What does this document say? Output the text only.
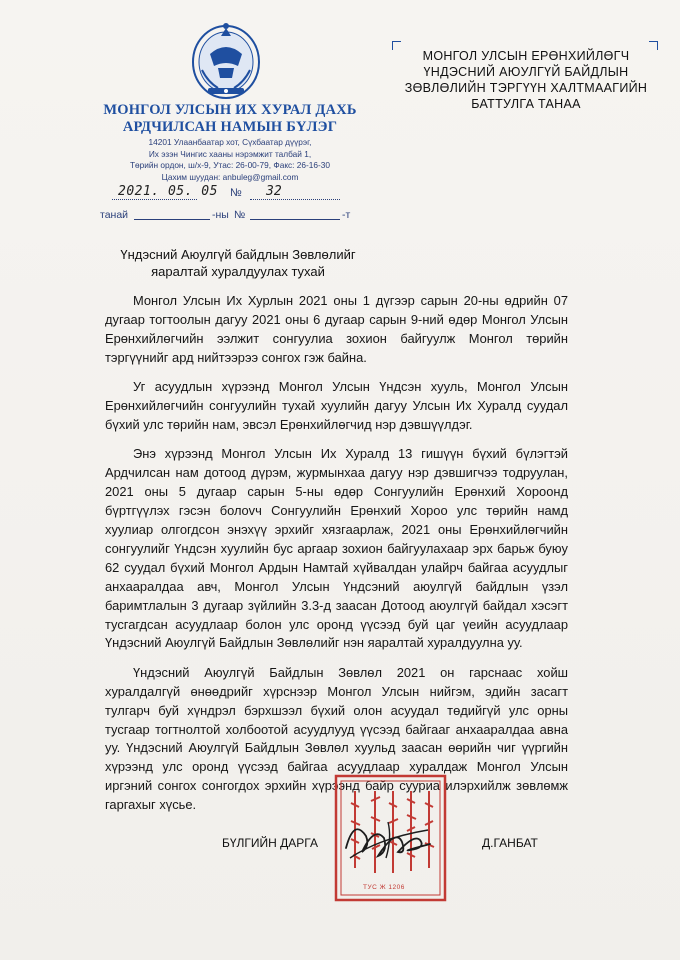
МОНГОЛ УЛСЫН ИХ ХУРАЛ ДАХЬ
АРДЧИЛСАН НАМЫН БҮЛЭГ
14201 Улаанбаатар хот, Сүхбаатар дүүрэг,
Их эзэн Чингис хааны нэрэмжит талбай 1,
Төрийн ордон, ш/х-9, Утас: 26-00-79, Факс: 26-16-30
Цахим шуудан: anbuleg@gmail.com
2021. 05. 05 № 32
танай	-ны №	-т
МОНГОЛ УЛСЫН ЕРӨНХИЙЛӨГЧ
ҮНДЭСНИЙ АЮУЛГҮЙ БАЙДЛЫН
ЗӨВЛӨЛИЙН ТЭРГҮҮН ХАЛТМААГИЙН
БАТТУЛГА ТАНАА
Үндэсний Аюулгүй байдлын Зөвлөлийг
яаралтай хуралдуулах тухай

Монгол Улсын Их Хурлын 2021 оны 1 дүгээр сарын 20-ны өдрийн 07 дугаар тогтоолын дагуу 2021 оны 6 дугаар сарын 9-ний өдөр Монгол Улсын Ерөнхийлөгчийн ээлжит сонгуулиа зохион байгуулж Монгол төрийн тэргүүнийг ард нийтээрээ сонгох гэж байна.

Уг асуудлын хүрээнд Монгол Улсын Үндсэн хууль, Монгол Улсын Ерөнхийлөгчийн сонгуулийн тухай хуулийн дагуу Улсын Их Хуралд суудал бүхий улс төрийн нам, эвсэл Ерөнхийлөгчид нэр дэвшүүлдэг.

Энэ хүрээнд Монгол Улсын Их Хуралд 13 гишүүн бүхий бүлэгтэй Ардчилсан нам дотоод дүрэм, журмынхаа дагуу нэр дэвшигчээ тодруулан, 2021 оны 5 дугаар сарын 5-ны өдөр Сонгуулийн Ерөнхий Хороонд бүртгүүлэх гэсэн болovч Сонгуулийн Ерөнхий Хороо улс төрийн намд хуулиар олгогдсон энэхүү эрхийг хязгаарлаж, 2021 оны Ерөнхийлөгчийн сонгуулийг Үндсэн хуулийн бус аргаар зохион байгуулахаар эрх барьж буюу 62 суудал бүхий Монгол Ардын Намтай хүйвалдан улайрч байгаа асуудлыг анхааралдаа авч, Монгол Улсын Үндсэний аюулгүй байдлын үзэл баримтлалын 3 дугаар зүйлийн 3.3-д заасан Дотоод аюулгүй байдал хэсэгт тусгагдсан асуудлаар болон улс оронд үүсээд буй цаг үеийн асуудлаар Үндэсний Аюулгүй Байдлын Зөвлөлийг нэн яаралтай хуралдуулна уу.

Үндэсний Аюулгүй Байдлын Зөвлөл 2021 он гарснаас хойш хуралдалгүй өнөөдрийг хүрснээр Монгол Улсын нийгэм, эдийн засагт тулгарч буй хүндрэл бэрхшээл бүхий олон асуудал төдийгүй улс орны тусгаар тогтнолтой холбоотой асуудлууд үүсээд байгааг анхааралдаа авна уу. Үндэсний Аюулгүй Байдлын Зөвлөл хуульд заасан өөрийн чиг үүргийн хүрээнд улс оронд үүсээд байгаа асуудлаар хуралдаж Монгол Улсын иргэний сонгох сонгогдох эрхийн хүрээнд байр сууриа илэрхийлж зөвлөмж гаргахыг хүсье.

ТУС Ж 1206
БҮЛГИЙН ДАРГА	Д.ГАНБАТ
